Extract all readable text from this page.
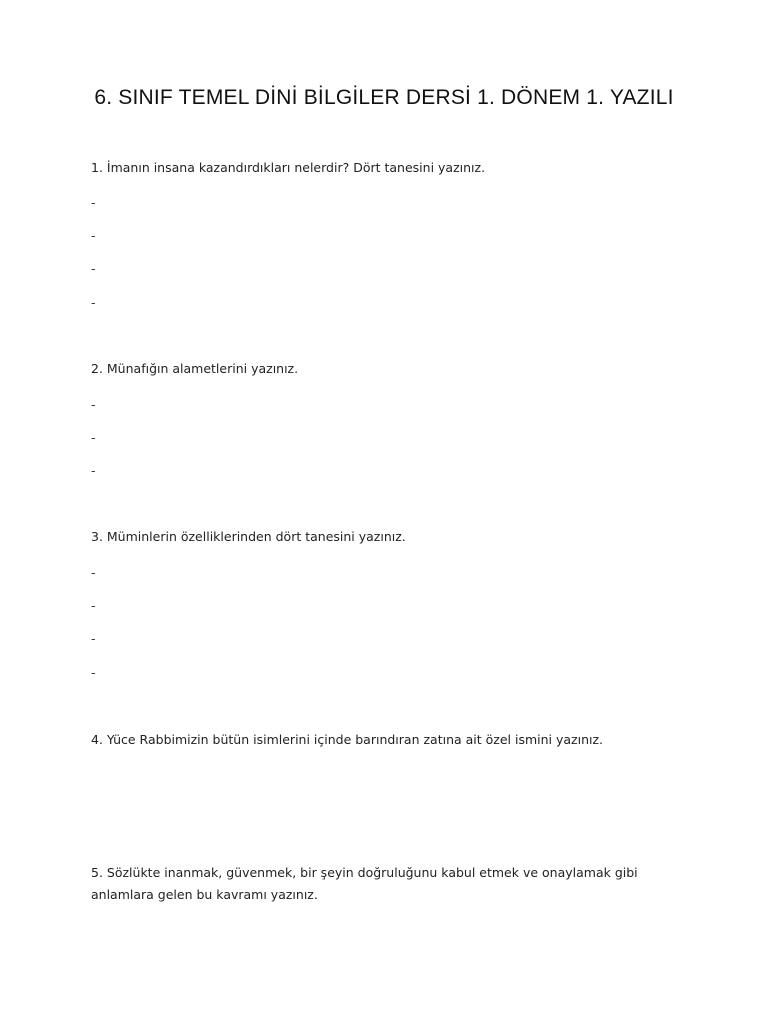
6. SINIF TEMEL DİNİ BİLGİLER DERSİ 1. DÖNEM 1. YAZILI
1. İmanın insana kazandırdıkları nelerdir? Dört tanesini yazınız.
-
-
-
-
2. Münafığın alametlerini yazınız.
-
-
-
3. Müminlerin özelliklerinden dört tanesini yazınız.
-
-
-
-
4. Yüce Rabbimizin bütün isimlerini içinde barındıran zatına ait özel ismini yazınız.
5. Sözlükte inanmak, güvenmek, bir şeyin doğruluğunu kabul etmek ve onaylamak gibi anlamlara gelen bu kavramı yazınız.
